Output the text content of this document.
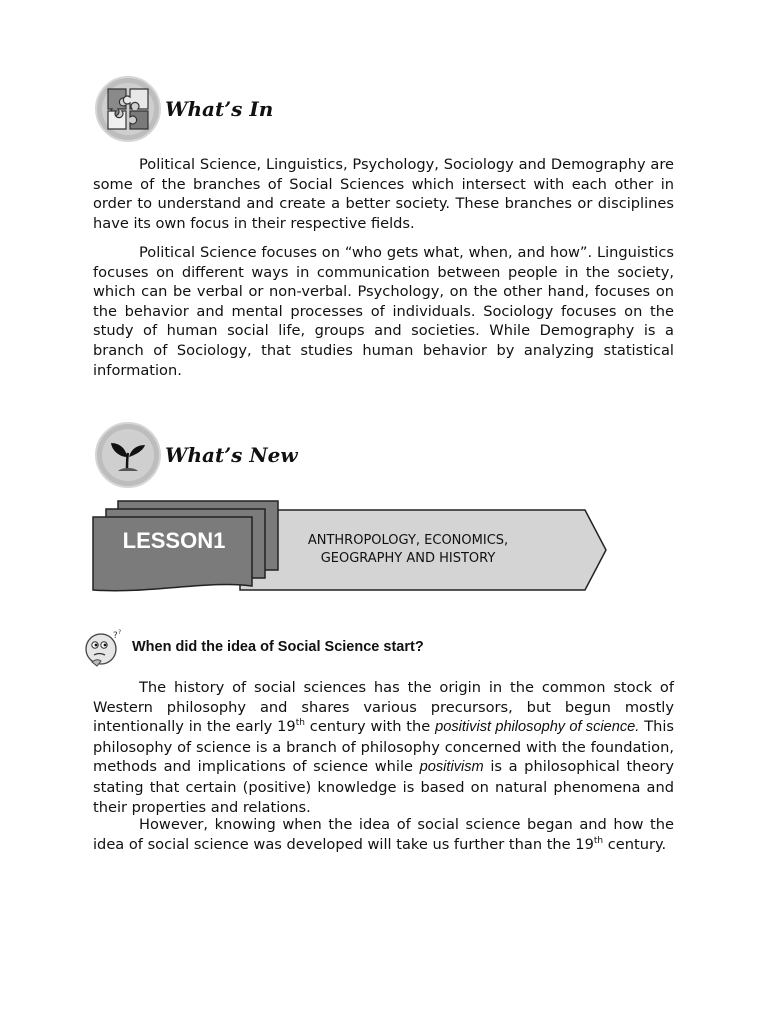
What’s In

Political Science, Linguistics, Psychology, Sociology and Demography are some of the branches of Social Sciences which intersect with each other in order to understand and create a better society. These branches or disciplines have its own focus in their respective fields.

Political Science focuses on “who gets what, when, and how”. Linguistics focuses on different ways in communication between people in the society, which can be verbal or non-verbal. Psychology, on the other hand, focuses on the behavior and mental processes of individuals. Sociology focuses on the study of human social life, groups and societies. While Demography is a branch of Sociology, that studies human behavior by analyzing statistical information.

What’s New
LESSON1	ANTHROPOLOGY, ECONOMICS, GEOGRAPHY AND HISTORY
? ?
When did the idea of Social Science start?

The history of social sciences has the origin in the common stock of Western philosophy and shares various precursors, but begun mostly intentionally in the early 19th century with the positivist philosophy of science. This philosophy of science is a branch of philosophy concerned with the foundation, methods and implications of science while positivism is a philosophical theory stating that certain (positive) knowledge is based on natural phenomena and their properties and relations.

However, knowing when the idea of social science began and how the idea of social science was developed will take us further than the 19th century.
